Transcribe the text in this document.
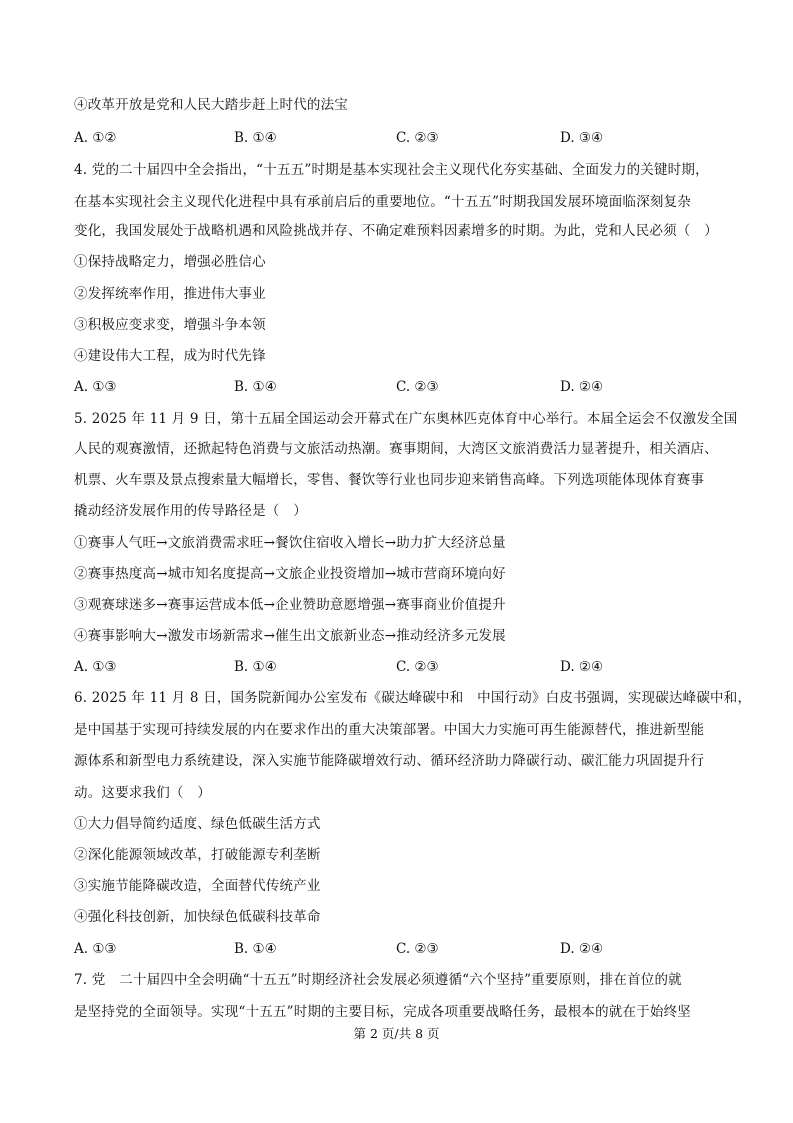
④改革开放是党和人民大踏步赶上时代的法宝
A. ①②	B. ①④	C. ②③	D. ③④
4. 党的二十届四中全会指出，“十五五”时期是基本实现社会主义现代化夯实基础、全面发力的关键时期，
在基本实现社会主义现代化进程中具有承前启后的重要地位。“十五五”时期我国发展环境面临深刻复杂
变化，我国发展处于战略机遇和风险挑战并存、不确定难预料因素增多的时期。为此，党和人民必须（　）
①保持战略定力，增强必胜信心
②发挥统率作用，推进伟大事业
③积极应变求变，增强斗争本领
④建设伟大工程，成为时代先锋
A. ①③	B. ①④	C. ②③	D. ②④
5. 2025 年 11 月 9 日，第十五届全国运动会开幕式在广东奥林匹克体育中心举行。本届全运会不仅激发全国
人民的观赛激情，还掀起特色消费与文旅活动热潮。赛事期间，大湾区文旅消费活力显著提升，相关酒店、
机票、火车票及景点搜索量大幅增长，零售、餐饮等行业也同步迎来销售高峰。下列选项能体现体育赛事
撬动经济发展作用的传导路径是（　）
①赛事人气旺→文旅消费需求旺→餐饮住宿收入增长→助力扩大经济总量
②赛事热度高→城市知名度提高→文旅企业投资增加→城市营商环境向好
③观赛球迷多→赛事运营成本低→企业赞助意愿增强→赛事商业价值提升
④赛事影响大→激发市场新需求→催生出文旅新业态→推动经济多元发展
A. ①③	B. ①④	C. ②③	D. ②④
6. 2025 年 11 月 8 日，国务院新闻办公室发布《碳达峰碳中和　中国行动》白皮书强调，实现碳达峰碳中和，
是中国基于实现可持续发展的内在要求作出的重大决策部署。中国大力实施可再生能源替代，推进新型能
源体系和新型电力系统建设，深入实施节能降碳增效行动、循环经济助力降碳行动、碳汇能力巩固提升行
动。这要求我们（　）
①大力倡导简约适度、绿色低碳生活方式
②深化能源领域改革，打破能源专利垄断
③实施节能降碳改造，全面替代传统产业
④强化科技创新，加快绿色低碳科技革命
A. ①③	B. ①④	C. ②③	D. ②④
7. 党　二十届四中全会明确“十五五”时期经济社会发展必须遵循“六个坚持”重要原则，排在首位的就
是坚持党的全面领导。实现“十五五”时期的主要目标，完成各项重要战略任务，最根本的就在于始终坚
第 2 页/共 8 页
